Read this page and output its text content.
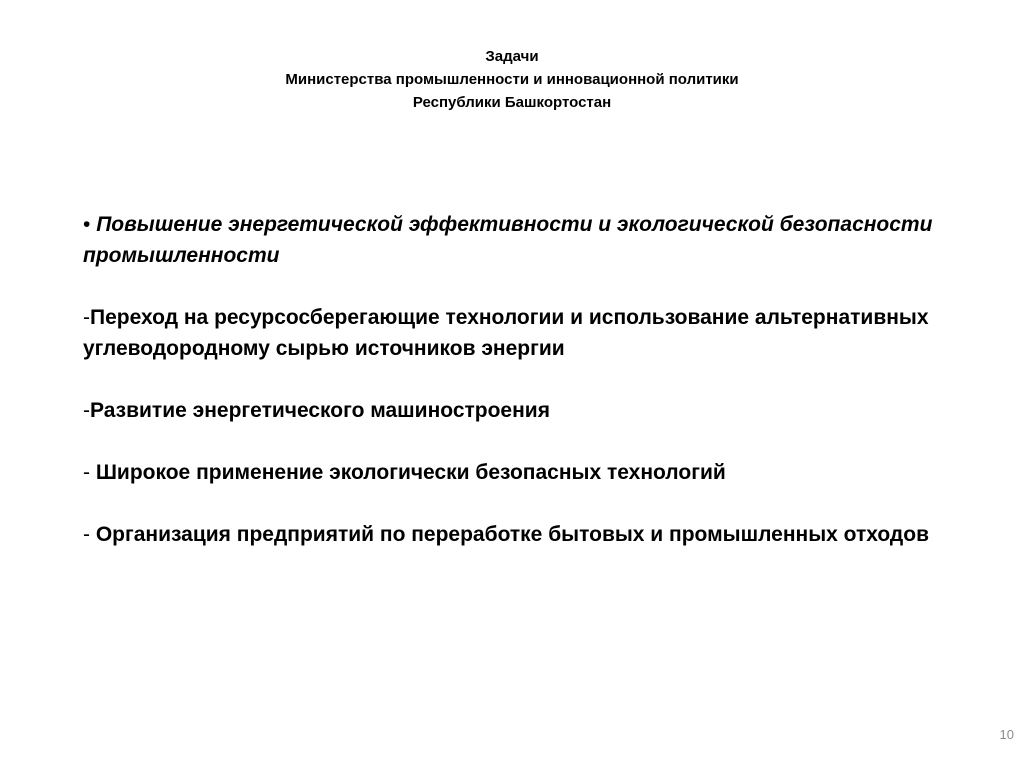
Задачи
Министерства промышленности и инновационной политики
Республики Башкортостан
• Повышение энергетической эффективности и экологической безопасности промышленности
-Переход на ресурсосберегающие технологии и использование альтернативных углеводородному сырью источников энергии
-Развитие энергетического машиностроения
- Широкое применение экологически безопасных технологий
- Организация предприятий по переработке бытовых и промышленных отходов
10
